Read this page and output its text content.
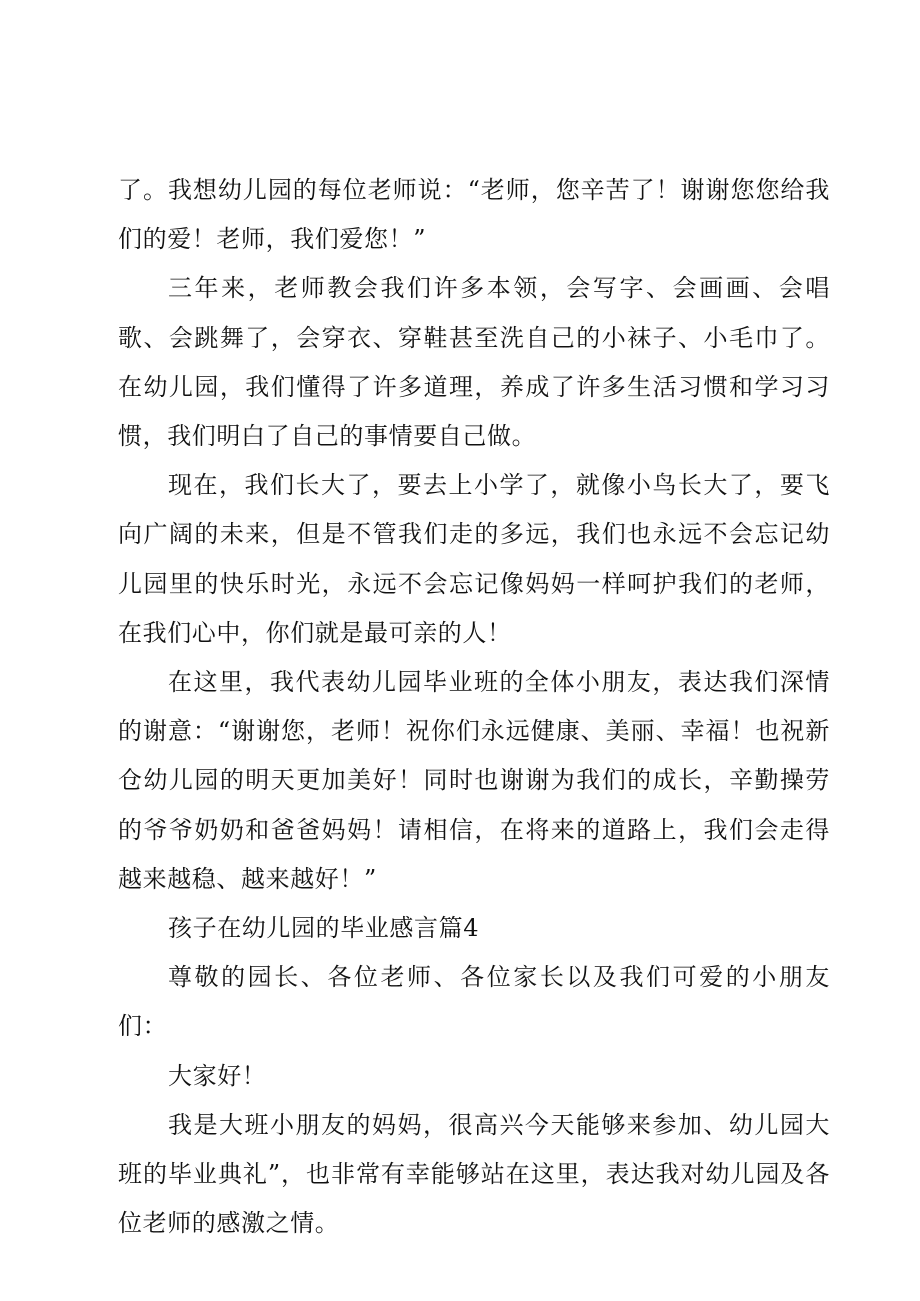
了。我想幼儿园的每位老师说：“老师，您辛苦了！谢谢您您给我们的爱！老师，我们爱您！”

三年来，老师教会我们许多本领，会写字、会画画、会唱歌、会跳舞了，会穿衣、穿鞋甚至洗自己的小袜子、小毛巾了。在幼儿园，我们懂得了许多道理，养成了许多生活习惯和学习习惯，我们明白了自己的事情要自己做。

现在，我们长大了，要去上小学了，就像小鸟长大了，要飞向广阔的未来，但是不管我们走的多远，我们也永远不会忘记幼儿园里的快乐时光，永远不会忘记像妈妈一样呵护我们的老师，在我们心中，你们就是最可亲的人！

在这里，我代表幼儿园毕业班的全体小朋友，表达我们深情的谢意：“谢谢您，老师！祝你们永远健康、美丽、幸福！也祝新仓幼儿园的明天更加美好！同时也谢谢为我们的成长，辛勤操劳的爷爷奶奶和爸爸妈妈！请相信，在将来的道路上，我们会走得越来越稳、越来越好！”

孩子在幼儿园的毕业感言篇4

尊敬的园长、各位老师、各位家长以及我们可爱的小朋友们：

大家好！

我是大班小朋友的妈妈，很高兴今天能够来参加、幼儿园大班的毕业典礼”，也非常有幸能够站在这里，表达我对幼儿园及各位老师的感激之情。
